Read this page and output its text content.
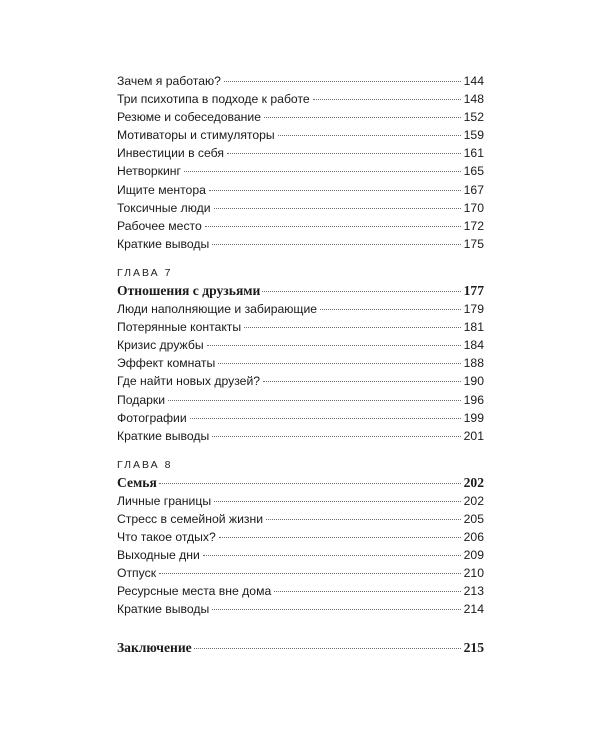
Зачем я работаю?	144
Три психотипа в подходе к работе	148
Резюме и собеседование	152
Мотиваторы и стимуляторы	159
Инвестиции в себя	161
Нетворкинг	165
Ищите ментора	167
Токсичные люди	170
Рабочее место	172
Краткие выводы	175
ГЛАВА 7
Отношения с друзьями	177
Люди наполняющие и забирающие	179
Потерянные контакты	181
Кризис дружбы	184
Эффект комнаты	188
Где найти новых друзей?	190
Подарки	196
Фотографии	199
Краткие выводы	201
ГЛАВА 8
Семья	202
Личные границы	202
Стресс в семейной жизни	205
Что такое отдых?	206
Выходные дни	209
Отпуск	210
Ресурсные места вне дома	213
Краткие выводы	214
Заключение	215
